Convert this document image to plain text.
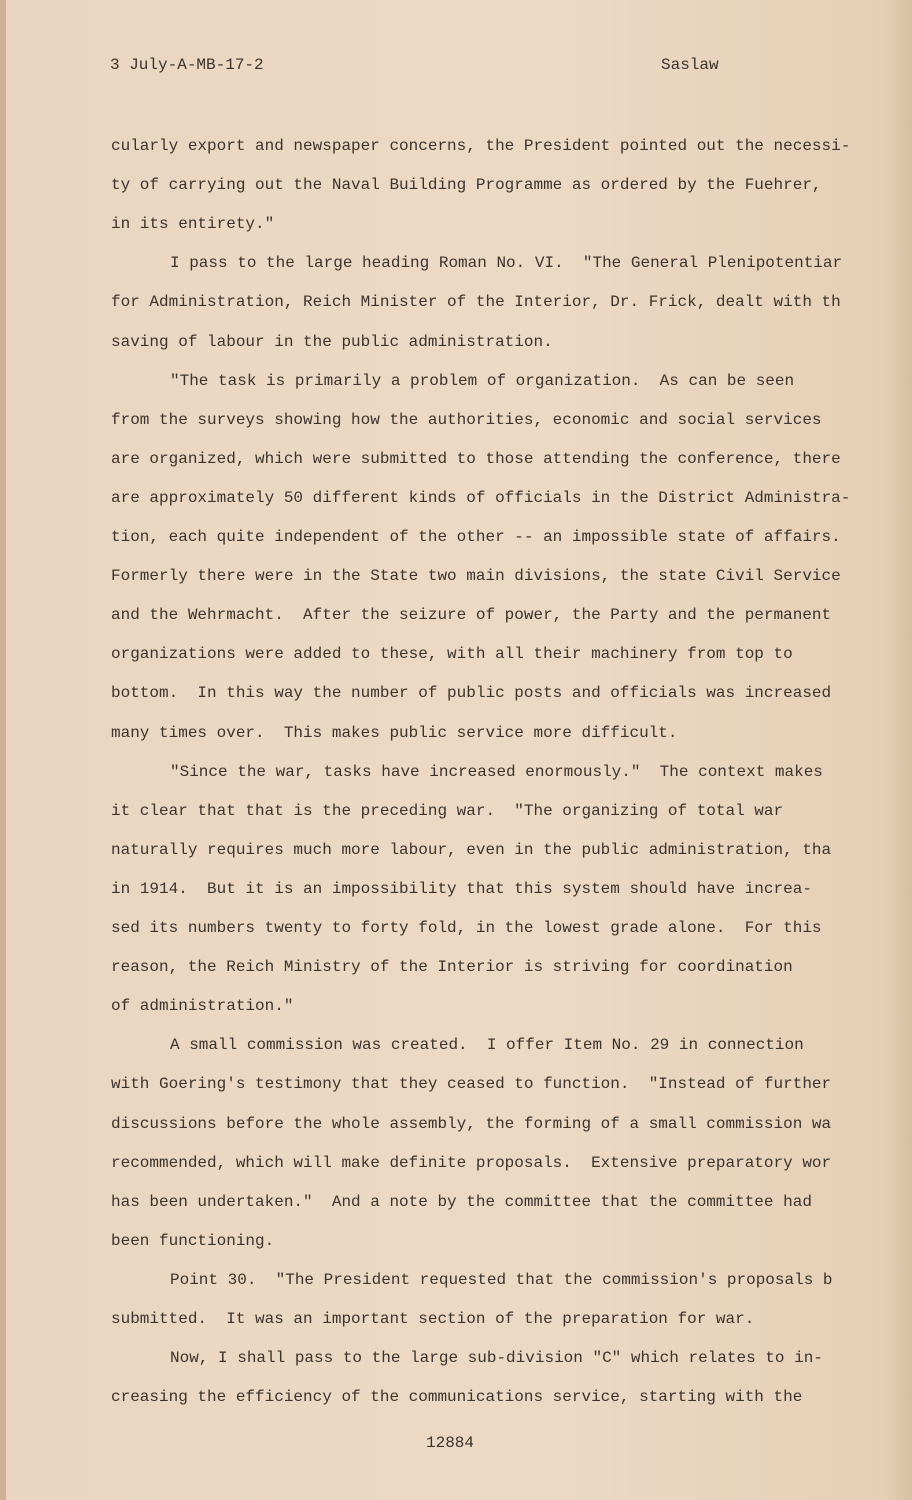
3 July-A-MB-17-2	Saslaw
cularly export and newspaper concerns, the President pointed out the necessi-
ty of carrying out the Naval Building Programme as ordered by the Fuehrer,
in its entirety."
I pass to the large heading Roman No. VI.  "The General Plenipotentiar
for Administration, Reich Minister of the Interior, Dr. Frick, dealt with th
saving of labour in the public administration.
"The task is primarily a problem of organization.  As can be seen
from the surveys showing how the authorities, economic and social services
are organized, which were submitted to those attending the conference, there
are approximately 50 different kinds of officials in the District Administra-
tion, each quite independent of the other -- an impossible state of affairs.
Formerly there were in the State two main divisions, the state Civil Service
and the Wehrmacht.  After the seizure of power, the Party and the permanent
organizations were added to these, with all their machinery from top to
bottom.  In this way the number of public posts and officials was increased
many times over.  This makes public service more difficult.
"Since the war, tasks have increased enormously."  The context makes
it clear that that is the preceding war.  "The organizing of total war
naturally requires much more labour, even in the public administration, tha
in 1914.  But it is an impossibility that this system should have increa-
sed its numbers twenty to forty fold, in the lowest grade alone.  For this
reason, the Reich Ministry of the Interior is striving for coordination
of administration."
A small commission was created.  I offer Item No. 29 in connection
with Goering's testimony that they ceased to function.  "Instead of further
discussions before the whole assembly, the forming of a small commission wa
recommended, which will make definite proposals.  Extensive preparatory wor
has been undertaken."  And a note by the committee that the committee had
been functioning.
Point 30.  "The President requested that the commission's proposals b
submitted.  It was an important section of the preparation for war.
Now, I shall pass to the large sub-division "C" which relates to in-
creasing the efficiency of the communications service, starting with the
12884
